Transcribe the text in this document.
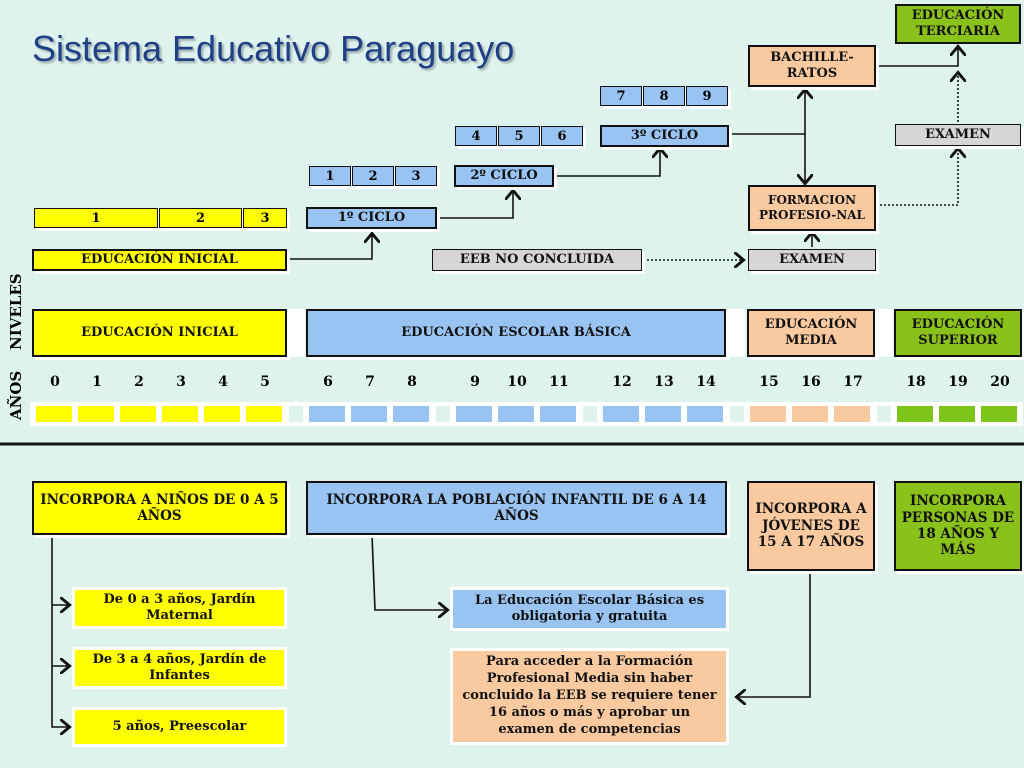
Sistema Educativo Paraguayo
EDUCACIÓN TERCIARIA
BACHILLE-RATOS
EXAMEN
FORMACION PROFESIO-NAL
EXAMEN
EEB NO CONCLUIDA
7	8	9
3º CICLO
4	5	6
2º CICLO
1	2	3
1º CICLO
1	2	3
EDUCACIÓN INICIAL
NIVELES
AÑOS
EDUCACIÓN INICIAL	EDUCACIÓN ESCOLAR BÁSICA
EDUCACIÓN MEDIA
EDUCACIÓN SUPERIOR
0	1	2	3	4	5	6	7	8	9	10	11	12	13	14	15	16	17	18	19	20
INCORPORA A NIÑOS DE 0 A 5 AÑOS
INCORPORA LA POBLACIÓN INFANTIL DE 6 A 14 AÑOS	INCORPORA A JÓVENES DE 15 A 17 AÑOS
INCORPORA PERSONAS DE 18 AÑOS Y MÁS
De 0 a 3 años, Jardín Maternal
De 3 a 4 años, Jardín de Infantes
5 años, Preescolar
La Educación Escolar Básica es obligatoria y gratuita
Para acceder a la Formación Profesional Media sin haber concluido la EEB se requiere tener 16 años o más y aprobar un examen de competencias
